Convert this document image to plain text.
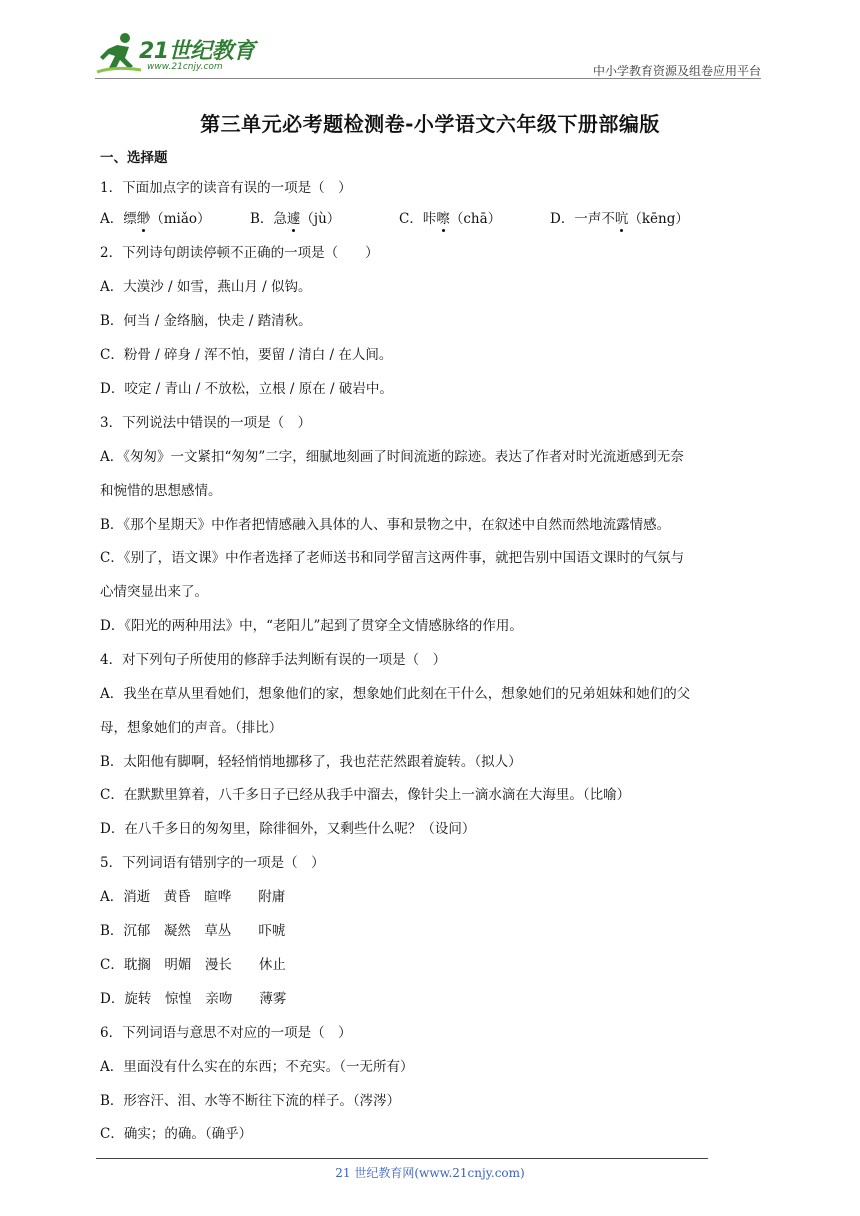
21世纪教育
www.21cnjy.com	中小学教育资源及组卷应用平台
第三单元必考题检测卷-小学语文六年级下册部编版
一、选择题
1．下面加点字的读音有误的一项是（　）
A．缥缈（miǎo）	B．急遽（jù）	C．咔嚓（chā）	D．一声不吭（kēng）
2．下列诗句朗读停顿不正确的一项是（　　）
A．大漠沙 / 如雪，燕山月 / 似钩。
B．何当 / 金络脑，快走 / 踏清秋。
C．粉骨 / 碎身 / 浑不怕，要留 / 清白 / 在人间。
D．咬定 / 青山 / 不放松，立根 / 原在 / 破岩中。
3．下列说法中错误的一项是（　）
A．《匆匆》一文紧扣“匆匆”二字，细腻地刻画了时间流逝的踪迹。表达了作者对时光流逝感到无奈
和惋惜的思想感情。
B．《那个星期天》中作者把情感融入具体的人、事和景物之中，在叙述中自然而然地流露情感。
C．《别了，语文课》中作者选择了老师送书和同学留言这两件事，就把告别中国语文课时的气氛与
心情突显出来了。
D．《阳光的两种用法》中，“老阳儿”起到了贯穿全文情感脉络的作用。
4．对下列句子所使用的修辞手法判断有误的一项是（　）
A．我坐在草从里看她们，想象他们的家，想象她们此刻在干什么，想象她们的兄弟姐妹和她们的父
母，想象她们的声音。（排比）
B．太阳他有脚啊，轻轻悄悄地挪移了，我也茫茫然跟着旋转。（拟人）
C．在默默里算着，八千多日子已经从我手中溜去，像针尖上一滴水滴在大海里。（比喻）
D．在八千多日的匆匆里，除徘徊外，又剩些什么呢？（设问）
5．下列词语有错别字的一项是（　）
A．消逝　黄昏　暄哗　　附庸
B．沉郁　凝然　草丛　　吓唬
C．耽搁　明媚　漫长　　休止
D．旋转　惊惶　亲吻　　薄雾
6．下列词语与意思不对应的一项是（　）
A．里面没有什么实在的东西；不充实。（一无所有）
B．形容汗、泪、水等不断往下流的样子。（涔涔）
C．确实；的确。（确乎）
21 世纪教育网(www.21cnjy.com)
